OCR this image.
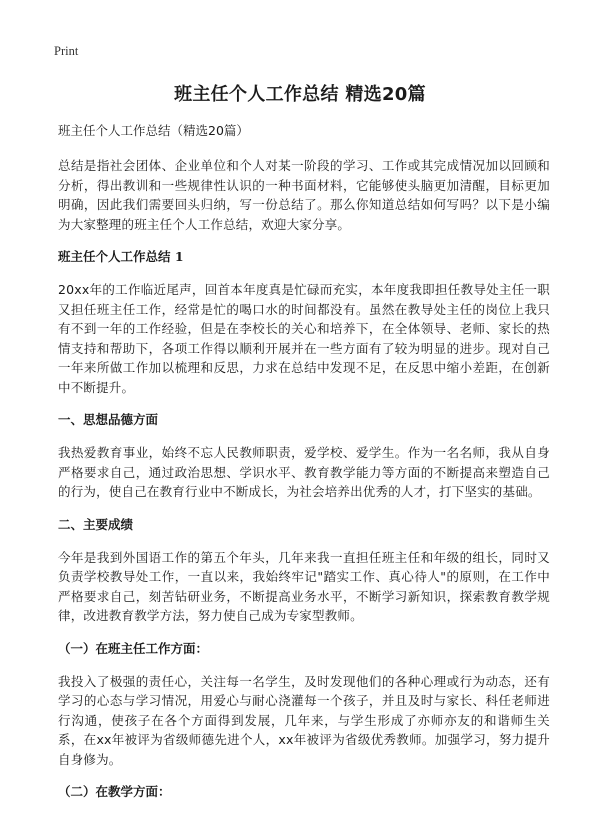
Print
班主任个人工作总结 精选20篇
班主任个人工作总结（精选20篇）

总结是指社会团体、企业单位和个人对某一阶段的学习、工作或其完成情况加以回顾和分析，得出教训和一些规律性认识的一种书面材料，它能够使头脑更加清醒，目标更加明确，因此我们需要回头归纳，写一份总结了。那么你知道总结如何写吗？以下是小编为大家整理的班主任个人工作总结，欢迎大家分享。

班主任个人工作总结 1

20xx年的工作临近尾声，回首本年度真是忙碌而充实，本年度我即担任教导处主任一职又担任班主任工作，经常是忙的喝口水的时间都没有。虽然在教导处主任的岗位上我只有不到一年的工作经验，但是在李校长的关心和培养下，在全体领导、老师、家长的热情支持和帮助下，各项工作得以顺利开展并在一些方面有了较为明显的进步。现对自己一年来所做工作加以梳理和反思，力求在总结中发现不足，在反思中缩小差距，在创新中不断提升。

一、思想品德方面

我热爱教育事业，始终不忘人民教师职责，爱学校、爱学生。作为一名名师，我从自身严格要求自己，通过政治思想、学识水平、教育教学能力等方面的不断提高来塑造自己的行为，使自己在教育行业中不断成长，为社会培养出优秀的人才，打下坚实的基础。

二、主要成绩

今年是我到外国语工作的第五个年头，几年来我一直担任班主任和年级的组长，同时又负责学校教导处工作，一直以来，我始终牢记"踏实工作、真心待人"的原则，在工作中严格要求自己，刻苦钻研业务，不断提高业务水平，不断学习新知识，探索教育教学规律，改进教育教学方法，努力使自己成为专家型教师。

（一）在班主任工作方面：

我投入了极强的责任心，关注每一名学生，及时发现他们的各种心理或行为动态，还有学习的心态与学习情况，用爱心与耐心浇灌每一个孩子，并且及时与家长、科任老师进行沟通，使孩子在各个方面得到发展，几年来，与学生形成了亦师亦友的和谐师生关系，在xx年被评为省级师德先进个人，xx年被评为省级优秀教师。加强学习，努力提升自身修为。

（二）在教学方面：
